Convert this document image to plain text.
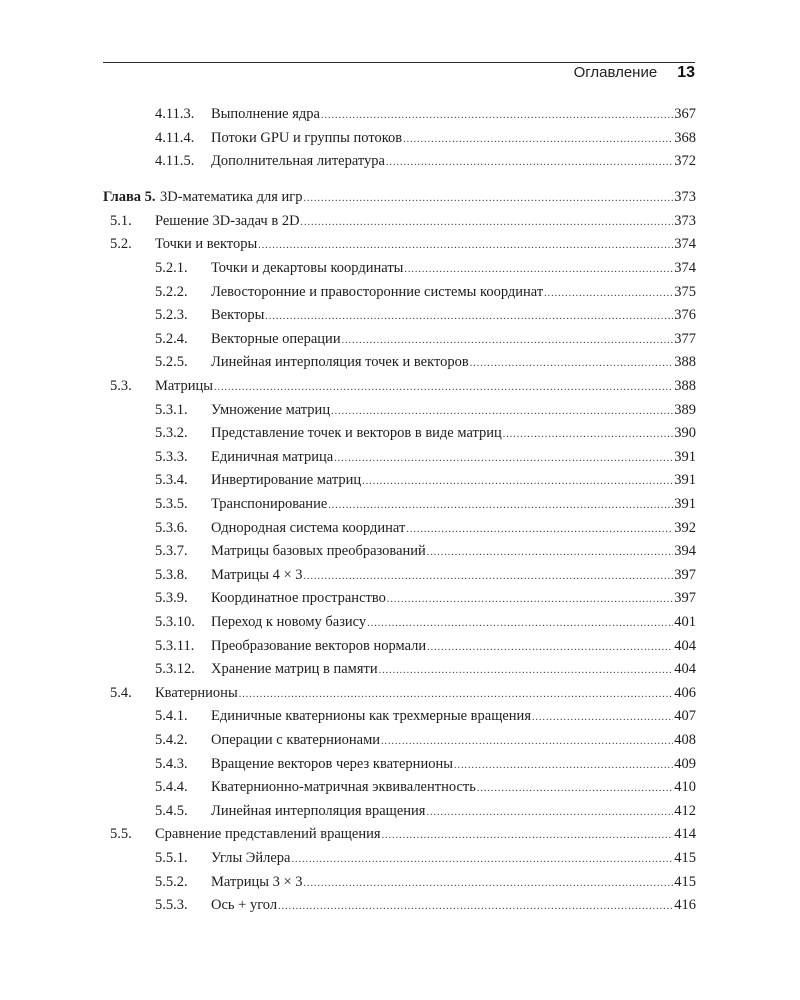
Оглавление 13
4.11.3. Выполнение ядра .....	367
4.11.4. Потоки GPU и группы потоков .....	368
4.11.5. Дополнительная литература .....	372
Глава 5. 3D-математика для игр .....	373
5.1. Решение 3D-задач в 2D .....	373
5.2. Точки и векторы .....	374
5.2.1. Точки и декартовы координаты .....	374
5.2.2. Левосторонние и правосторонние системы координат .....	375
5.2.3. Векторы .....	376
5.2.4. Векторные операции .....	377
5.2.5. Линейная интерполяция точек и векторов .....	388
5.3. Матрицы .....	388
5.3.1. Умножение матриц .....	389
5.3.2. Представление точек и векторов в виде матриц .....	390
5.3.3. Единичная матрица .....	391
5.3.4. Инвертирование матриц .....	391
5.3.5. Транспонирование .....	391
5.3.6. Однородная система координат .....	392
5.3.7. Матрицы базовых преобразований .....	394
5.3.8. Матрицы 4 × 3 .....	397
5.3.9. Координатное пространство .....	397
5.3.10. Переход к новому базису .....	401
5.3.11. Преобразование векторов нормали .....	404
5.3.12. Хранение матриц в памяти .....	404
5.4. Кватернионы .....	406
5.4.1. Единичные кватернионы как трехмерные вращения .....	407
5.4.2. Операции с кватернионами .....	408
5.4.3. Вращение векторов через кватернионы .....	409
5.4.4. Кватернионно-матричная эквивалентность .....	410
5.4.5. Линейная интерполяция вращения .....	412
5.5. Сравнение представлений вращения .....	414
5.5.1. Углы Эйлера .....	415
5.5.2. Матрицы 3 × 3 .....	415
5.5.3. Ось + угол .....	416
